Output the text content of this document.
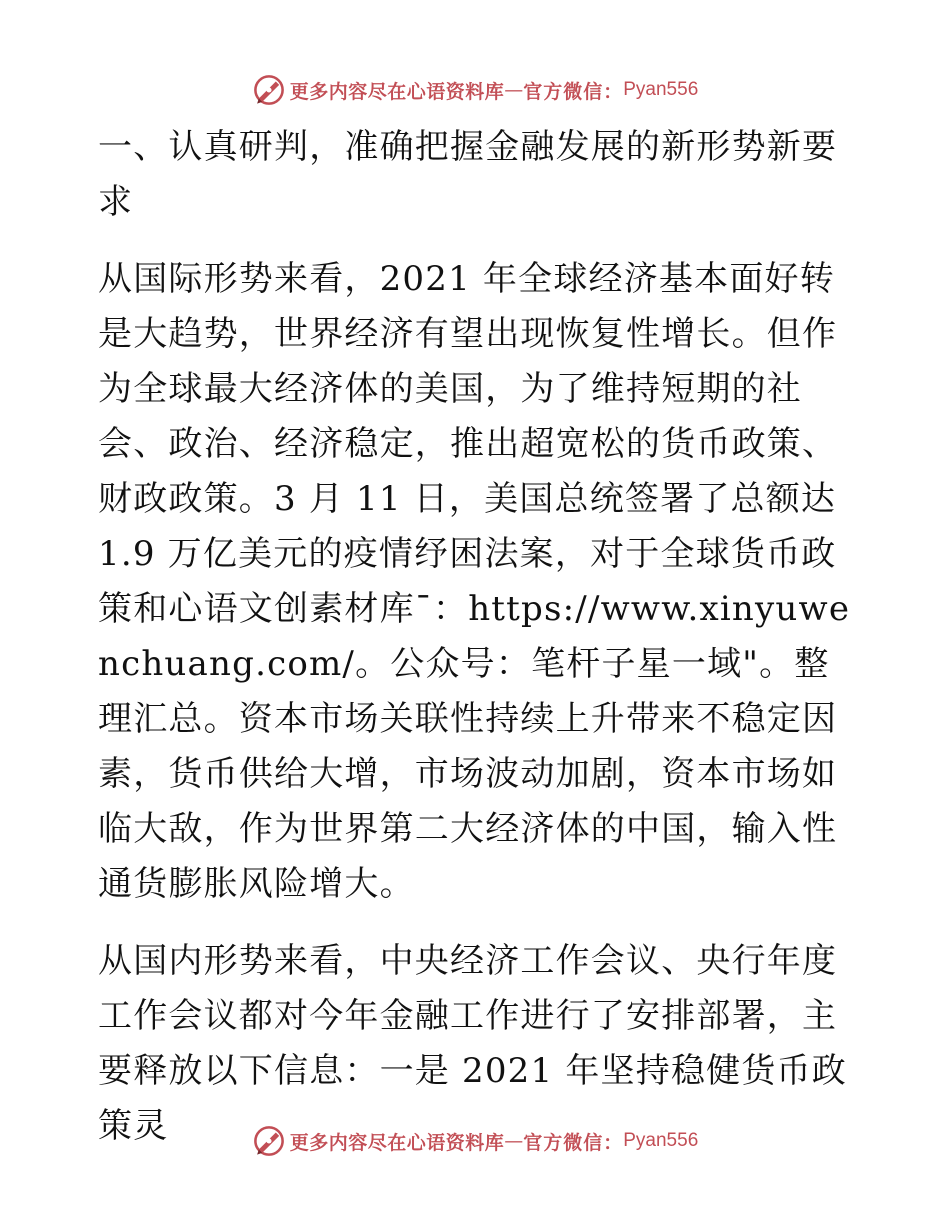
更多内容尽在心语资料库 — 官方微信： Pyan556

一、认真研判，准确把握金融发展的新形势新要求

从国际形势来看，2021 年全球经济基本面好转是大趋势，世界经济有望出现恢复性增长。但作为全球最大经济体的美国，为了维持短期的社会、政治、经济稳定，推出超宽松的货币政策、财政政策。3 月 11 日，美国总统签署了总额达 1.9 万亿美元的疫情纾困法案，对于全球货币政策和心语文创素材库¯：https://www.xinyuwenchuang.com/。公众号：笔杆子星一域"。整理汇总。资本市场关联性持续上升带来不稳定因素，货币供给大增，市场波动加剧，资本市场如临大敌，作为世界第二大经济体的中国，输入性通货膨胀风险增大。

从国内形势来看，中央经济工作会议、央行年度工作会议都对今年金融工作进行了安排部署，主要释放以下信息：一是 2021 年坚持稳健货币政策灵	更多内容尽在心语资料库 — 官方微信： Pyan556
